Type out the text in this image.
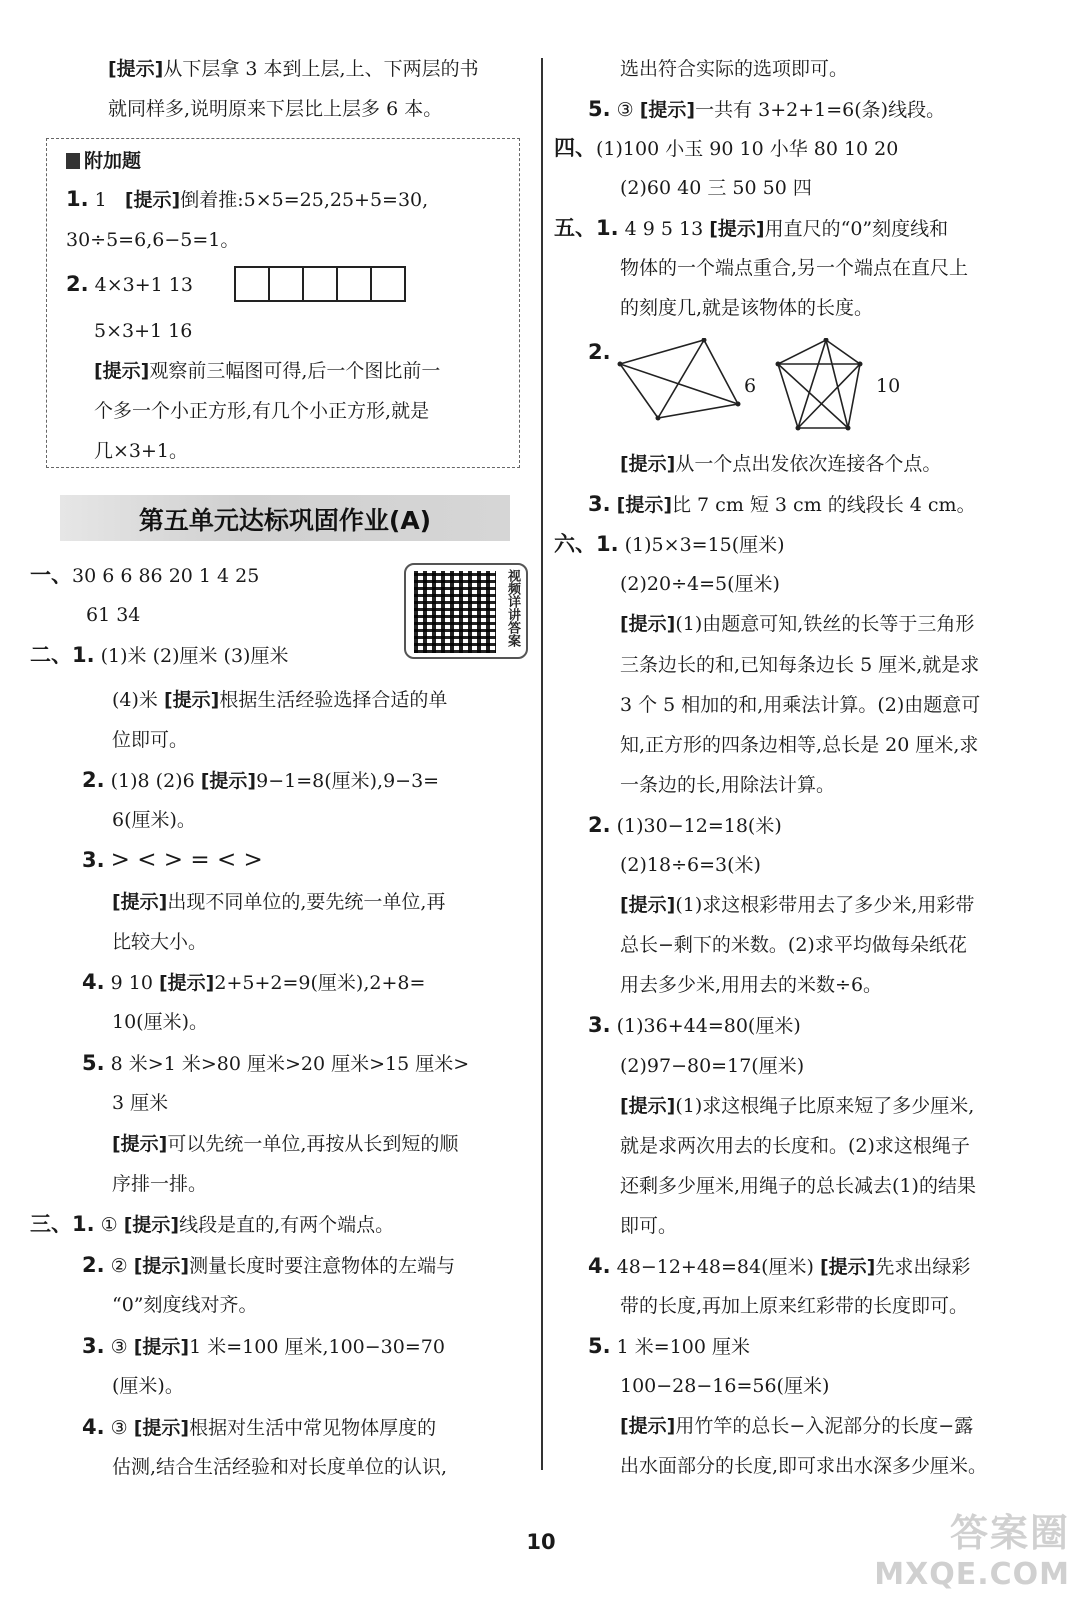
[提示]从下层拿 3 本到上层,上、下两层的书
就同样多,说明原来下层比上层多 6 本。
附加题
1. 1 [提示]倒着推:5×5=25,25+5=30,
30÷5=6,6−5=1。
2. 4×3+1 13
5×3+1 16
[提示]观察前三幅图可得,后一个图比前一
个多一个小正方形,有几个小正方形,就是
几×3+1。
第五单元达标巩固作业(A)
视频详讲答案
一、30 6 6 86 20 1 4 25
61 34
二、1. (1)米 (2)厘米 (3)厘米
(4)米 [提示]根据生活经验选择合适的单
位即可。
2. (1)8 (2)6 [提示]9−1=8(厘米),9−3=
6(厘米)。
3. > < > = < >
[提示]出现不同单位的,要先统一单位,再
比较大小。
4. 9 10 [提示]2+5+2=9(厘米),2+8=
10(厘米)。
5. 8 米>1 米>80 厘米>20 厘米>15 厘米>
3 厘米
[提示]可以先统一单位,再按从长到短的顺
序排一排。
三、1. ① [提示]线段是直的,有两个端点。
2. ② [提示]测量长度时要注意物体的左端与
“0”刻度线对齐。
3. ③ [提示]1 米=100 厘米,100−30=70
(厘米)。
4. ③ [提示]根据对生活中常见物体厚度的
估测,结合生活经验和对长度单位的认识,
选出符合实际的选项即可。
5. ③ [提示]一共有 3+2+1=6(条)线段。
四、(1)100 小玉 90 10 小华 80 10 20
(2)60 40 三 50 50 四
五、1. 4 9 5 13 [提示]用直尺的“0”刻度线和
物体的一个端点重合,另一个端点在直尺上
的刻度几,就是该物体的长度。
2.
6	10
[提示]从一个点出发依次连接各个点。
3. [提示]比 7 cm 短 3 cm 的线段长 4 cm。
六、1. (1)5×3=15(厘米)
(2)20÷4=5(厘米)
[提示](1)由题意可知,铁丝的长等于三角形
三条边长的和,已知每条边长 5 厘米,就是求
3 个 5 相加的和,用乘法计算。(2)由题意可
知,正方形的四条边相等,总长是 20 厘米,求
一条边的长,用除法计算。
2. (1)30−12=18(米)
(2)18÷6=3(米)
[提示](1)求这根彩带用去了多少米,用彩带
总长−剩下的米数。(2)求平均做每朵纸花
用去多少米,用用去的米数÷6。
3. (1)36+44=80(厘米)
(2)97−80=17(厘米)
[提示](1)求这根绳子比原来短了多少厘米,
就是求两次用去的长度和。(2)求这根绳子
还剩多少厘米,用绳子的总长减去(1)的结果
即可。
4. 48−12+48=84(厘米) [提示]先求出绿彩
带的长度,再加上原来红彩带的长度即可。
5. 1 米=100 厘米
100−28−16=56(厘米)
[提示]用竹竿的总长−入泥部分的长度−露
出水面部分的长度,即可求出水深多少厘米。
10	答案圈
MXQE.COM
